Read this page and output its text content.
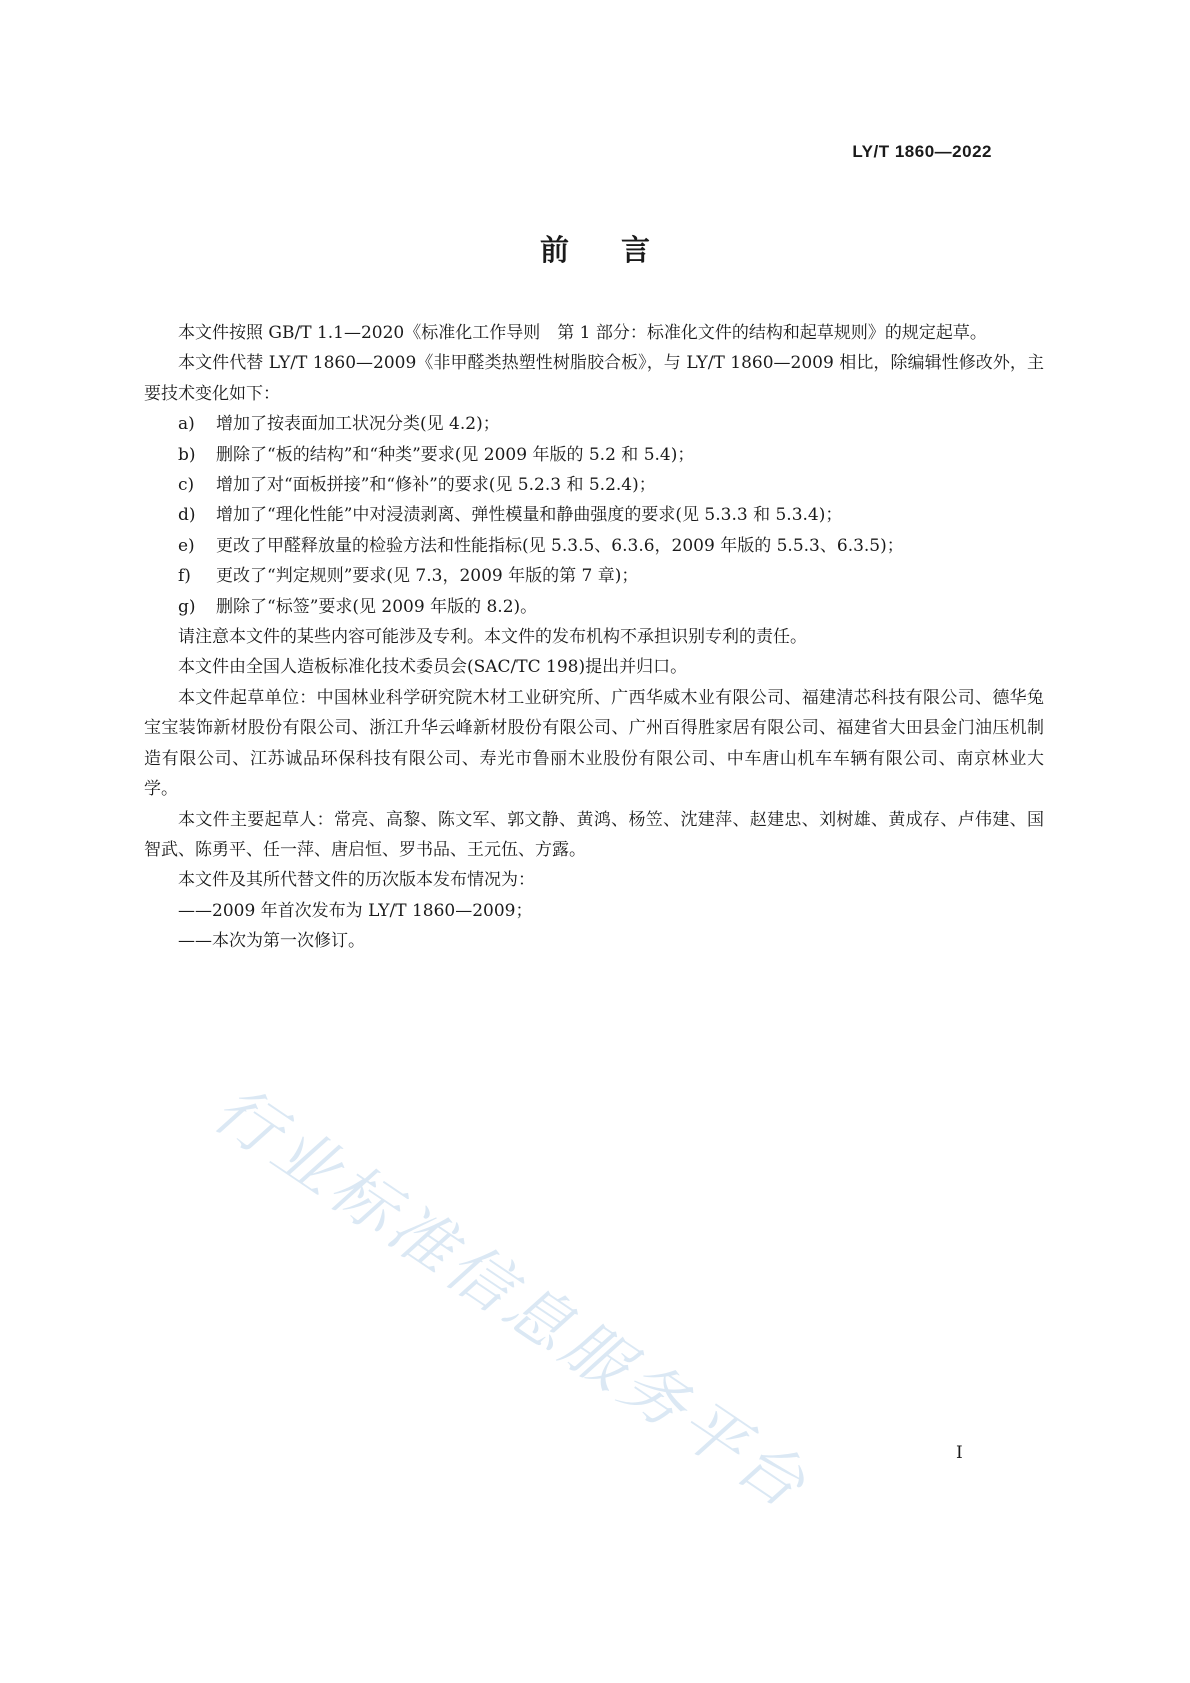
LY/T 1860—2022
前言

本文件按照 GB/T 1.1—2020《标准化工作导则　第 1 部分：标准化文件的结构和起草规则》的规定起草。

本文件代替 LY/T 1860—2009《非甲醛类热塑性树脂胶合板》，与 LY/T 1860—2009 相比，除编辑性修改外，主要技术变化如下：

a)	增加了按表面加工状况分类(见 4.2)；
b)	删除了“板的结构”和“种类”要求(见 2009 年版的 5.2 和 5.4)；
c)	增加了对“面板拼接”和“修补”的要求(见 5.2.3 和 5.2.4)；
d)	增加了“理化性能”中对浸渍剥离、弹性模量和静曲强度的要求(见 5.3.3 和 5.3.4)；
e)	更改了甲醛释放量的检验方法和性能指标(见 5.3.5、6.3.6，2009 年版的 5.5.3、6.3.5)；
f)	更改了“判定规则”要求(见 7.3，2009 年版的第 7 章)；
g)	删除了“标签”要求(见 2009 年版的 8.2)。

请注意本文件的某些内容可能涉及专利。本文件的发布机构不承担识别专利的责任。

本文件由全国人造板标准化技术委员会(SAC/TC 198)提出并归口。

本文件起草单位：中国林业科学研究院木材工业研究所、广西华威木业有限公司、福建清芯科技有限公司、德华兔宝宝装饰新材股份有限公司、浙江升华云峰新材股份有限公司、广州百得胜家居有限公司、福建省大田县金门油压机制造有限公司、江苏诚品环保科技有限公司、寿光市鲁丽木业股份有限公司、中车唐山机车车辆有限公司、南京林业大学。

本文件主要起草人：常亮、高黎、陈文军、郭文静、黄鸿、杨笠、沈建萍、赵建忠、刘树雄、黄成存、卢伟建、国智武、陈勇平、任一萍、唐启恒、罗书品、王元伍、方露。

本文件及其所代替文件的历次版本发布情况为：

——2009 年首次发布为 LY/T 1860—2009；
——本次为第一次修订。
行业标准信息服务平台	I
